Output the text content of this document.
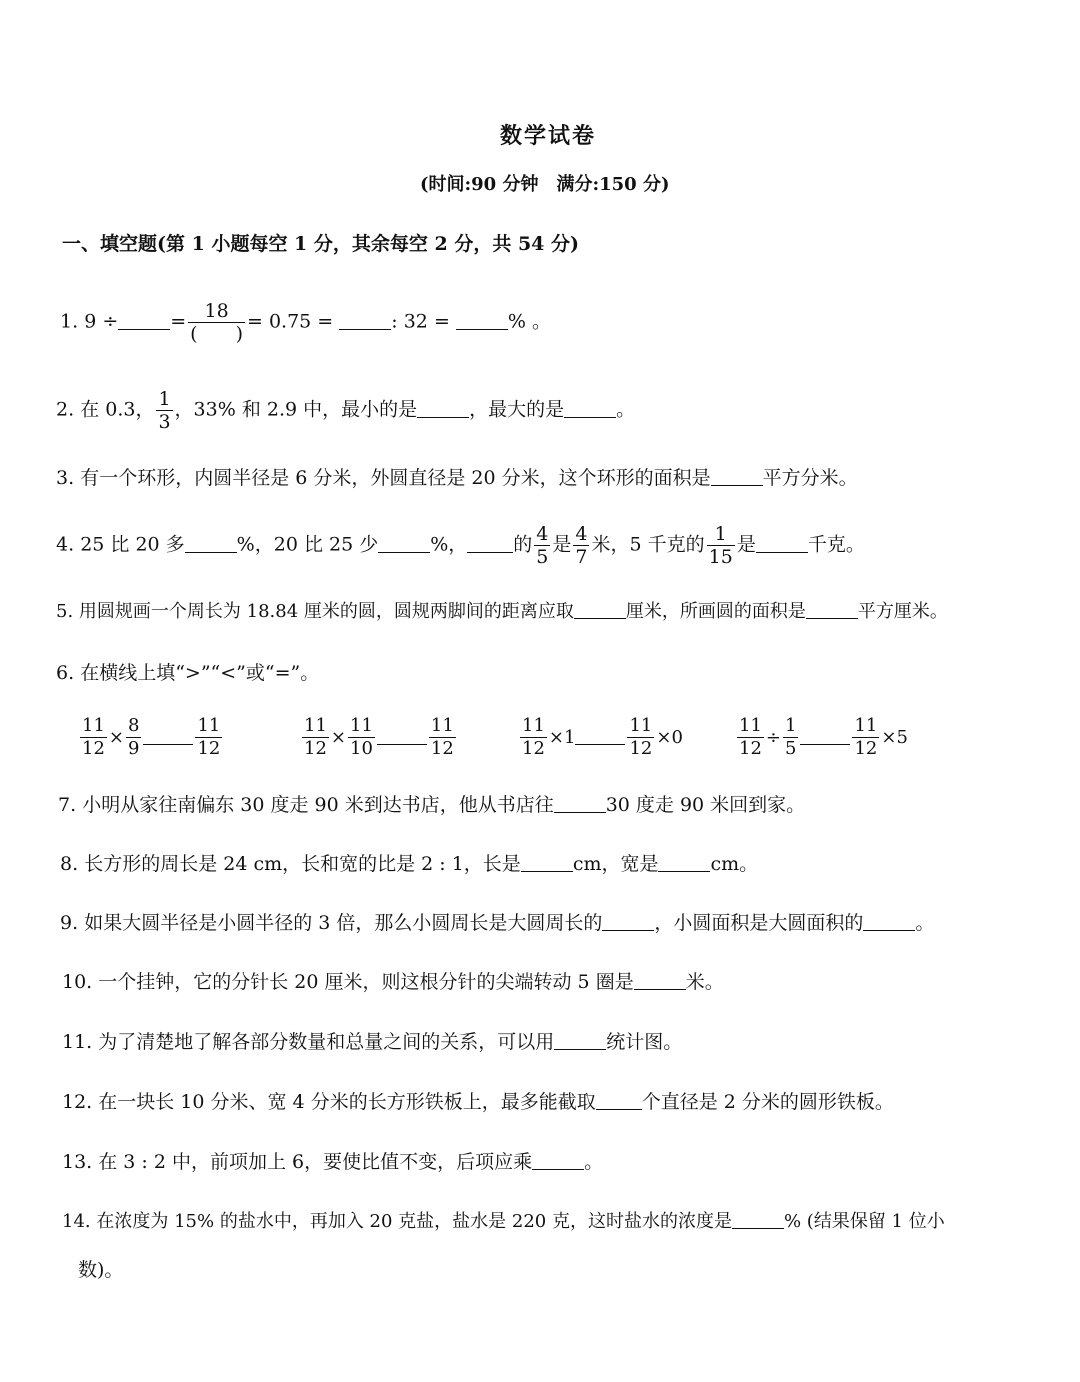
数学试卷
(时间:90 分钟　满分:150 分)
一、填空题(第 1 小题每空 1 分，其余每空 2 分，共 54 分)
1. 9 ÷	= $\frac{18}{( )} = 0.75$ =	: 32 =	% 。
2. 在 0.3， $\frac{1}{3}$ ，33% 和 2.9 中，最小的是	，最大的是	。
3. 有一个环形，内圆半径是 6 分米，外圆直径是 20 分米，这个环形的面积是	平方分米。
4. 25 比 20 多	%，20 比 25 少	%， 的 $\frac{4}{5}$ 是 $\frac{4}{7}$ 米，5 千克的 $\frac{1}{15}$ 是	千克。
5. 用圆规画一个周长为 18.84 厘米的圆，圆规两脚间的距离应取	厘米，所画圆的面积是	平方厘米。
6. 在横线上填“>”“<”或“=”。
$\frac{11}{12} \times \frac{8}{9}$	$\frac{11}{12}$	$\frac{11}{12} \times \frac{11}{10}$	$\frac{11}{12}$	$\frac{11}{12} \times 1$	$\frac{11}{12} \times 0$	$\frac{11}{12} \div \frac{1}{5}$	$\frac{11}{12} \times 5$
7. 小明从家往南偏东 30 度走 90 米到达书店，他从书店往	30 度走 90 米回到家。
8. 长方形的周长是 24 cm，长和宽的比是 2 : 1，长是	cm，宽是	cm。
9. 如果大圆半径是小圆半径的 3 倍，那么小圆周长是大圆周长的	，小圆面积是大圆面积的	。
10. 一个挂钟，它的分针长 20 厘米，则这根分针的尖端转动 5 圈是	米。
11. 为了清楚地了解各部分数量和总量之间的关系，可以用	统计图。
12. 在一块长 10 分米、宽 4 分米的长方形铁板上，最多能截取 个直径是 2 分米的圆形铁板。
13. 在 3 : 2 中，前项加上 6，要使比值不变，后项应乘	。
14. 在浓度为 15% 的盐水中，再加入 20 克盐，盐水是 220 克，这时盐水的浓度是	% (结果保留 1 位小
数)。
